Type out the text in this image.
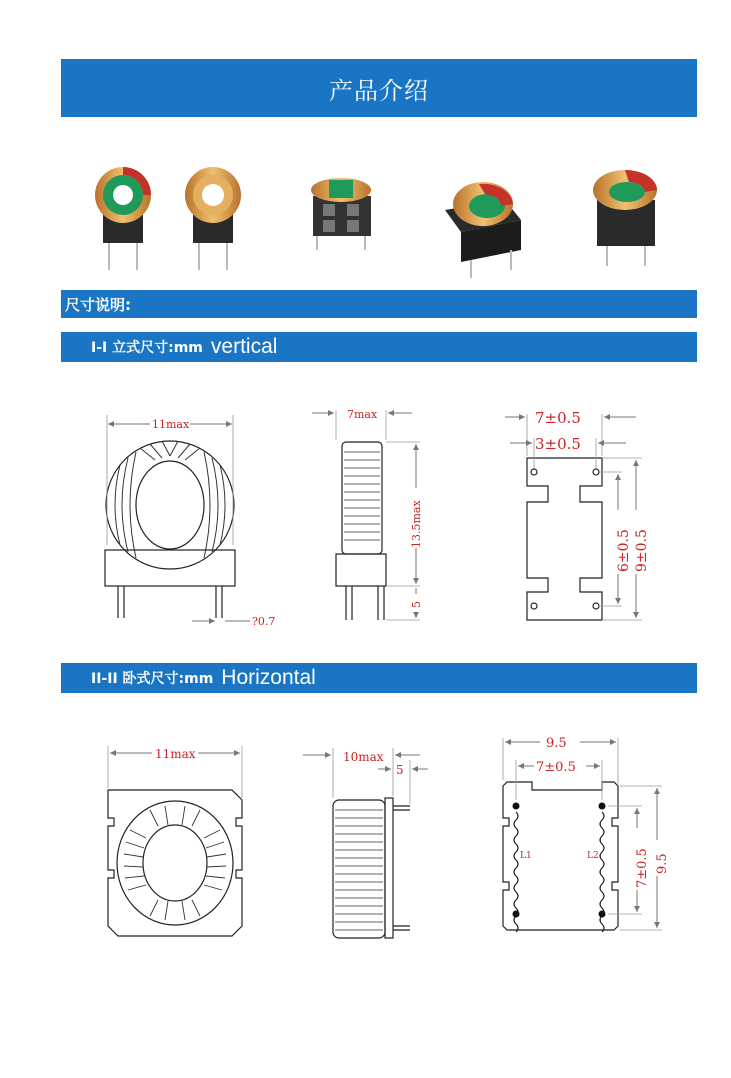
产品介绍
尺寸说明:
I-I 立式尺寸:mm vertical
11max
?0.7
7max
13.5max
5
7±0.5
3±0.5
6±0.5 9±0.5
II-II 卧式尺寸:mm Horizontal
11max	10max
5
L1	L2
9.5
7±0.5
7±0.5 9.5
